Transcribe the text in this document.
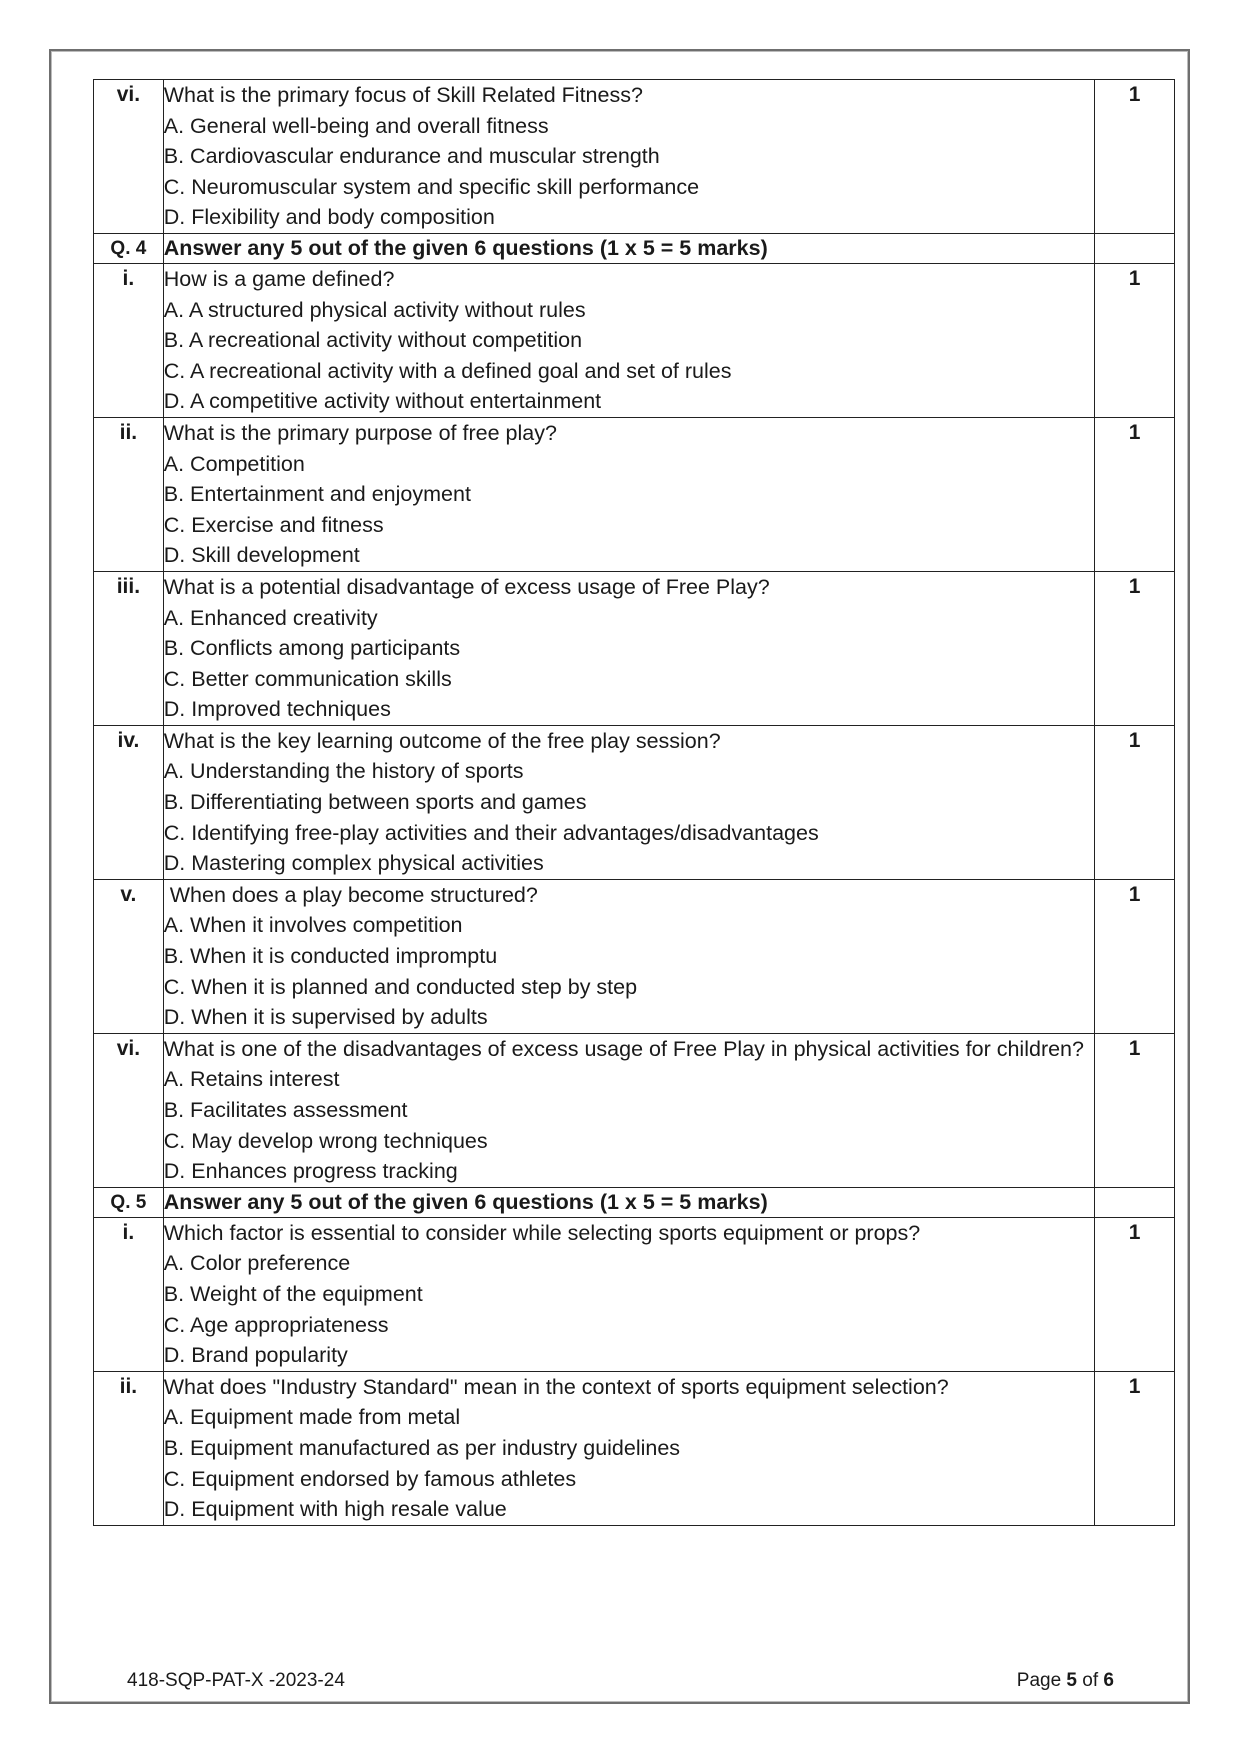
vi.	What is the primary focus of Skill Related Fitness?
A. General well-being and overall fitness
B. Cardiovascular endurance and muscular strength
C. Neuromuscular system and specific skill performance
D. Flexibility and body composition	1
Q. 4	Answer any 5 out of the given 6 questions (1 x 5 = 5 marks)	

i.	How is a game defined?
A. A structured physical activity without rules
B. A recreational activity without competition
C. A recreational activity with a defined goal and set of rules
D. A competitive activity without entertainment	1
ii.	What is the primary purpose of free play?
A. Competition
B. Entertainment and enjoyment
C. Exercise and fitness
D. Skill development	1
iii.	What is a potential disadvantage of excess usage of Free Play?
A. Enhanced creativity
B. Conflicts among participants
C. Better communication skills
D. Improved techniques	1
iv.	What is the key learning outcome of the free play session?
A. Understanding the history of sports
B. Differentiating between sports and games
C. Identifying free-play activities and their advantages/disadvantages
D. Mastering complex physical activities	1
v.	When does a play become structured?
A. When it involves competition
B. When it is conducted impromptu
C. When it is planned and conducted step by step
D. When it is supervised by adults	1
vi.	What is one of the disadvantages of excess usage of Free Play in physical activities for children?
A. Retains interest
B. Facilitates assessment
C. May develop wrong techniques
D. Enhances progress tracking	1
Q. 5	Answer any 5 out of the given 6 questions (1 x 5 = 5 marks)	

i.	Which factor is essential to consider while selecting sports equipment or props?
A. Color preference
B. Weight of the equipment
C. Age appropriateness
D. Brand popularity	1
ii.	What does "Industry Standard" mean in the context of sports equipment selection?
A. Equipment made from metal
B. Equipment manufactured as per industry guidelines
C. Equipment endorsed by famous athletes
D. Equipment with high resale value	1
418-SQP-PAT-X -2023-24	Page 5 of 6
